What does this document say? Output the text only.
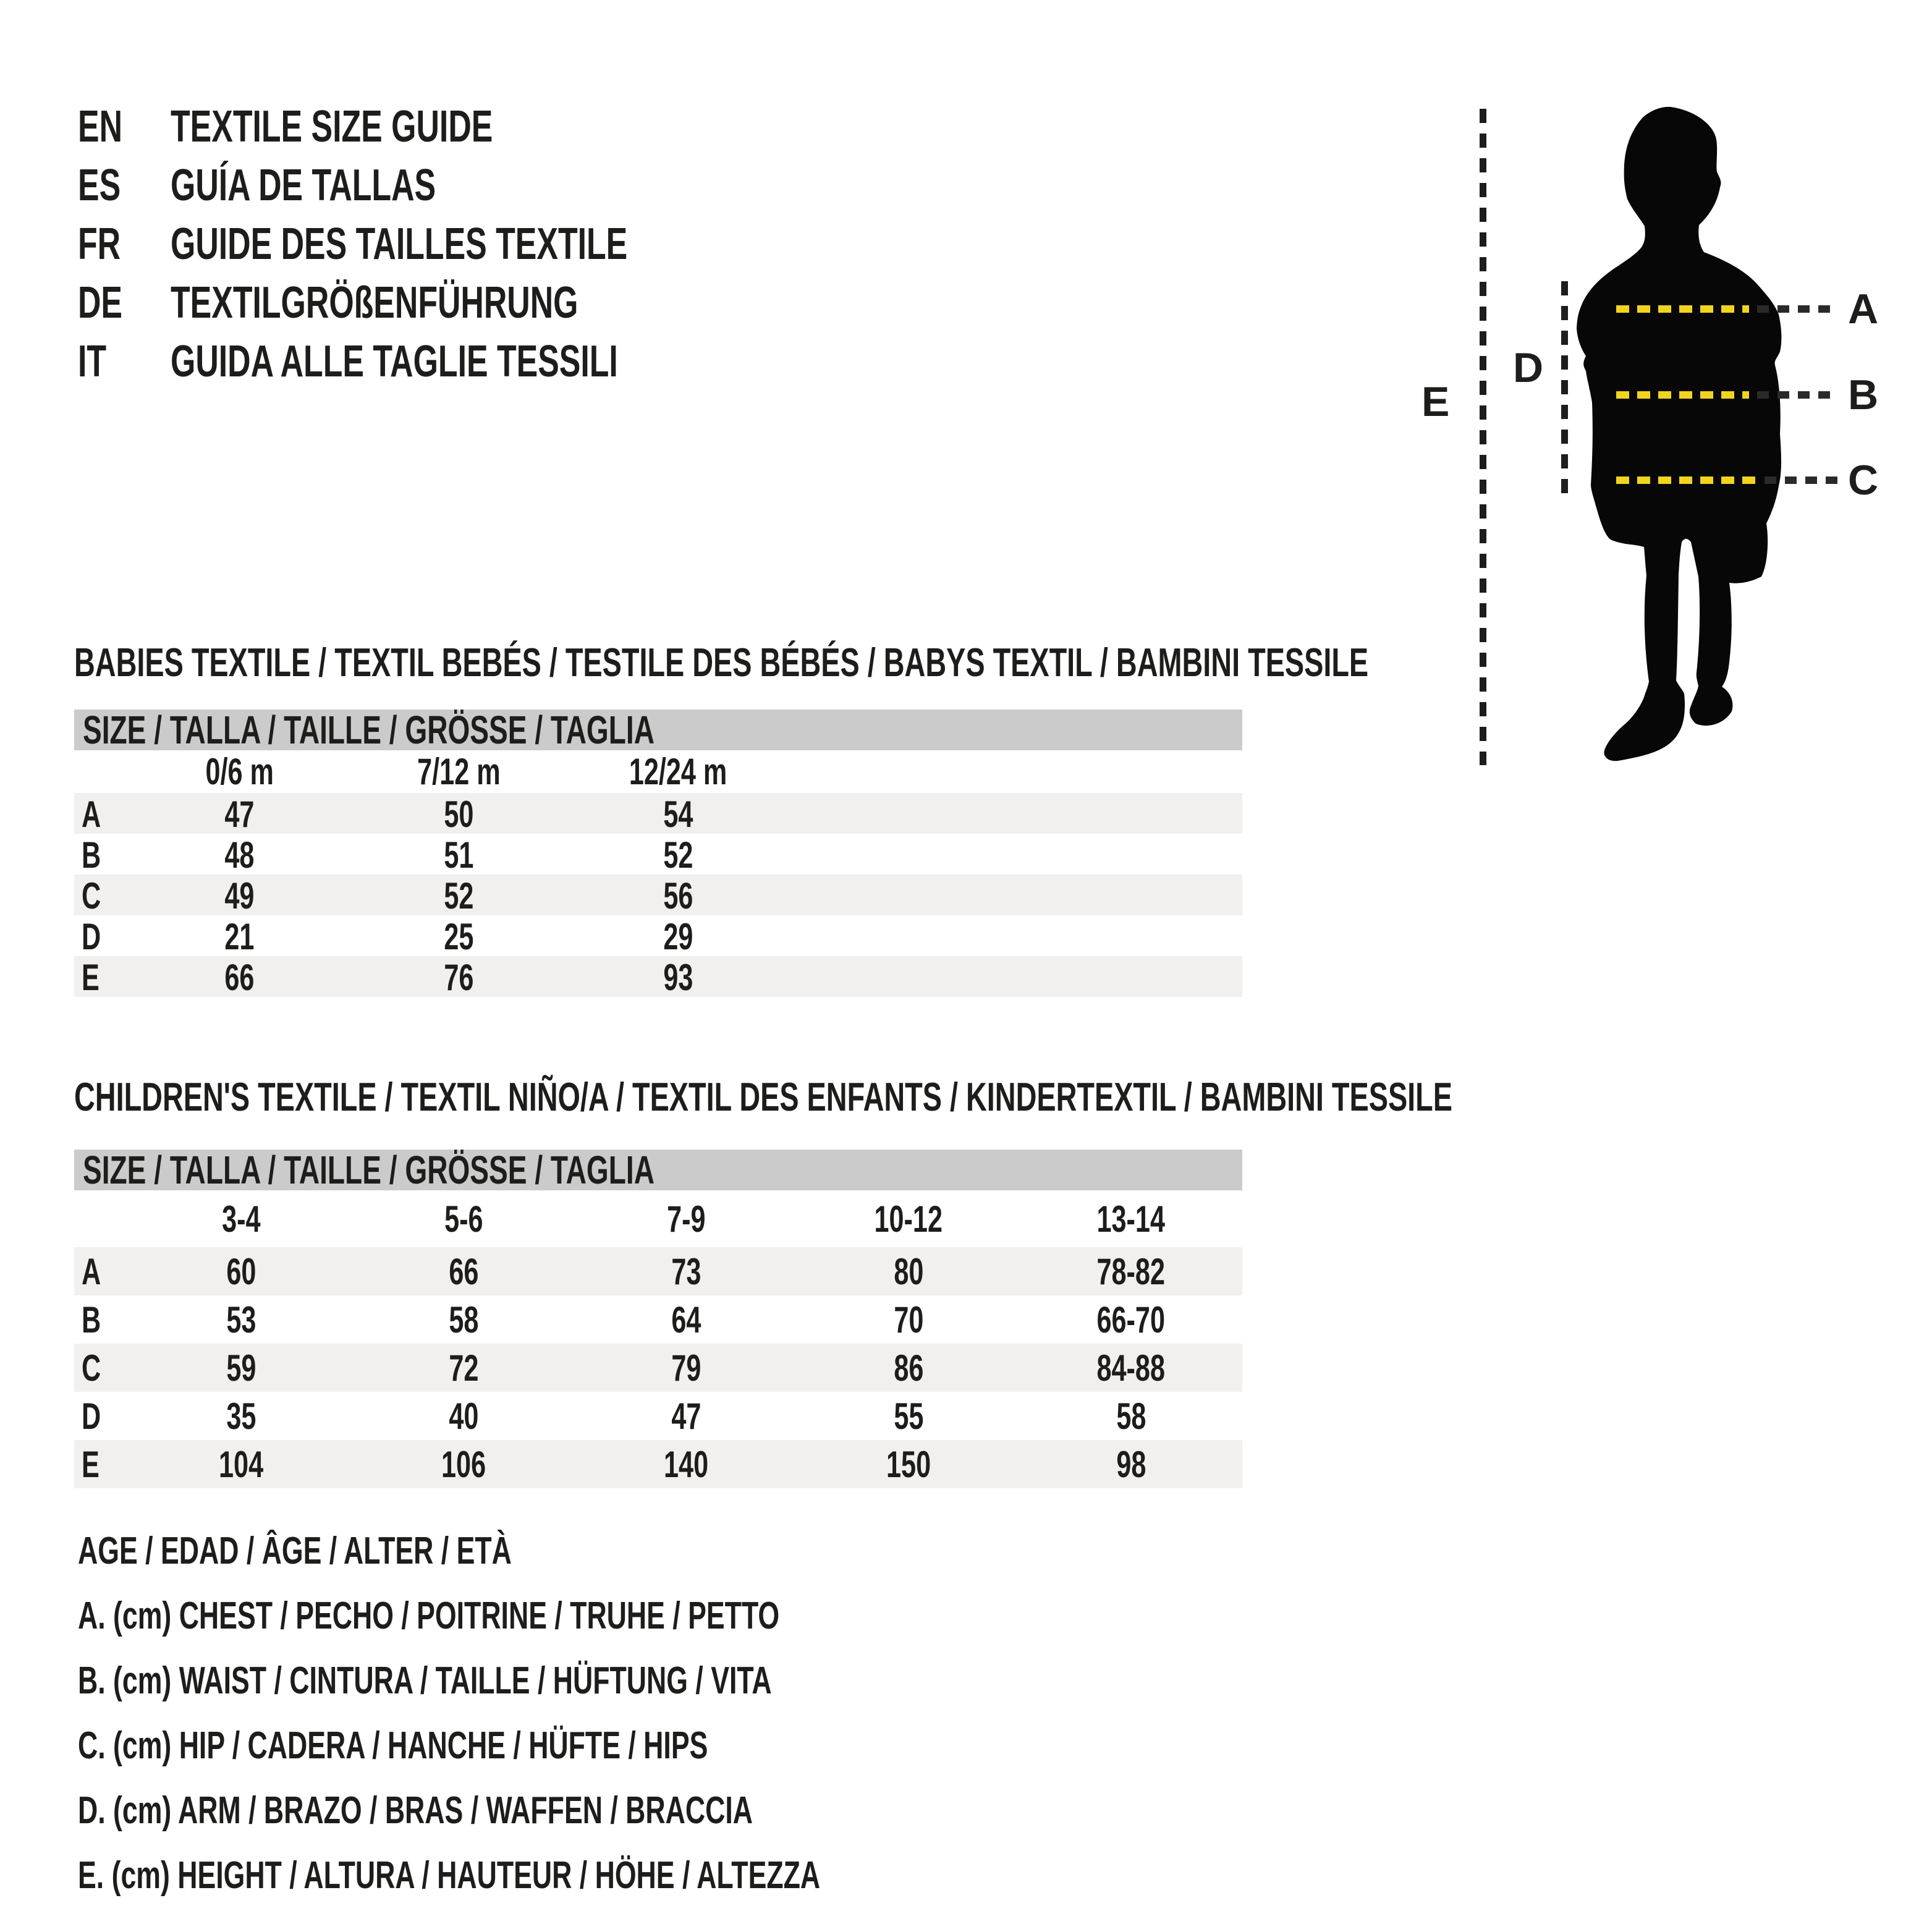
EN TEXTILE SIZE GUIDE
ES GUÍA DE TALLAS
FR GUIDE DES TAILLES TEXTILE
DE TEXTILGRÖßENFÜHRUNG
IT GUIDA ALLE TAGLIE TESSILI
A
B
C
D
E
BABIES TEXTILE / TEXTIL BEBÉS / TESTILE DES BÉBÉS / BABYS TEXTIL / BAMBINI TESSILE
SIZE / TALLA / TAILLE / GRÖSSE / TAGLIA
0/6 m	7/12 m	12/24 m
A	47	50	54
B	48	51	52
C	49	52	56
D	21	25	29
E	66	76	93
CHILDREN'S TEXTILE / TEXTIL NIÑO/A / TEXTIL DES ENFANTS / KINDERTEXTIL / BAMBINI TESSILE
SIZE / TALLA / TAILLE / GRÖSSE / TAGLIA
3-4	5-6	7-9	10-12	13-14
A	60	66	73	80	78-82
B	53	58	64	70	66-70
C	59	72	79	86	84-88
D	35	40	47	55	58
E	104	106	140	150	98
AGE / EDAD / ÂGE / ALTER / ETÀ
A. (cm) CHEST / PECHO / POITRINE / TRUHE / PETTO
B. (cm) WAIST / CINTURA / TAILLE / HÜFTUNG / VITA
C. (cm) HIP / CADERA / HANCHE / HÜFTE / HIPS
D. (cm) ARM / BRAZO / BRAS / WAFFEN / BRACCIA
E. (cm) HEIGHT / ALTURA / HAUTEUR / HÖHE / ALTEZZA
